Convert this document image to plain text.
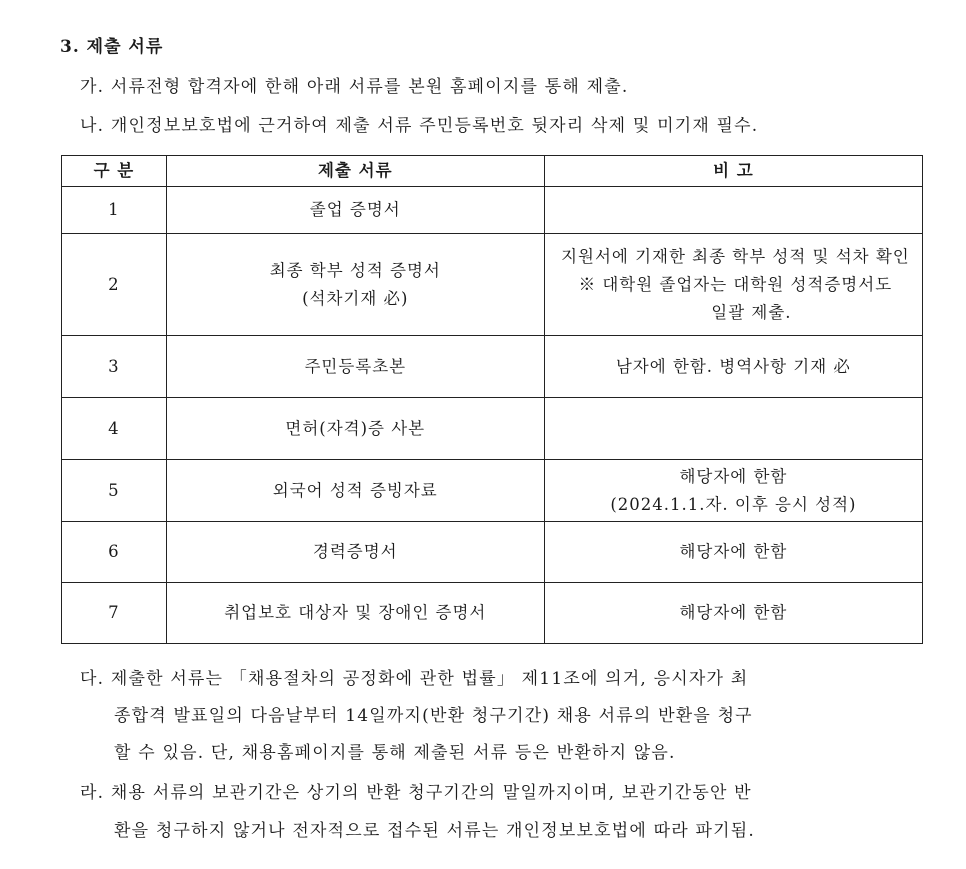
3. 제출 서류
가. 서류전형 합격자에 한해 아래 서류를 본원 홈페이지를 통해 제출.
나. 개인정보보호법에 근거하여 제출 서류 주민등록번호 뒷자리 삭제 및 미기재 필수.
구 분	제출 서류	비 고
1	졸업 증명서	

2	최종 학부 성적 증명서
(석차기재 必)	지원서에 기재한 최종 학부 성적 및 석차 확인
※ 대학원 졸업자는 대학원 성적증명서도
일괄 제출.

3	주민등록초본	남자에 한함. 병역사항 기재 必

4	면허(자격)증 사본	

5	외국어 성적 증빙자료	해당자에 한함
(2024.1.1.자. 이후 응시 성적)

6	경력증명서	해당자에 한함

7	취업보호 대상자 및 장애인 증명서	해당자에 한함
다. 제출한 서류는 「채용절차의 공정화에 관한 법률」 제11조에 의거, 응시자가 최
종합격 발표일의 다음날부터 14일까지(반환 청구기간) 채용 서류의 반환을 청구
할 수 있음. 단, 채용홈페이지를 통해 제출된 서류 등은 반환하지 않음.
라. 채용 서류의 보관기간은 상기의 반환 청구기간의 말일까지이며, 보관기간동안 반
환을 청구하지 않거나 전자적으로 접수된 서류는 개인정보보호법에 따라 파기됨.
